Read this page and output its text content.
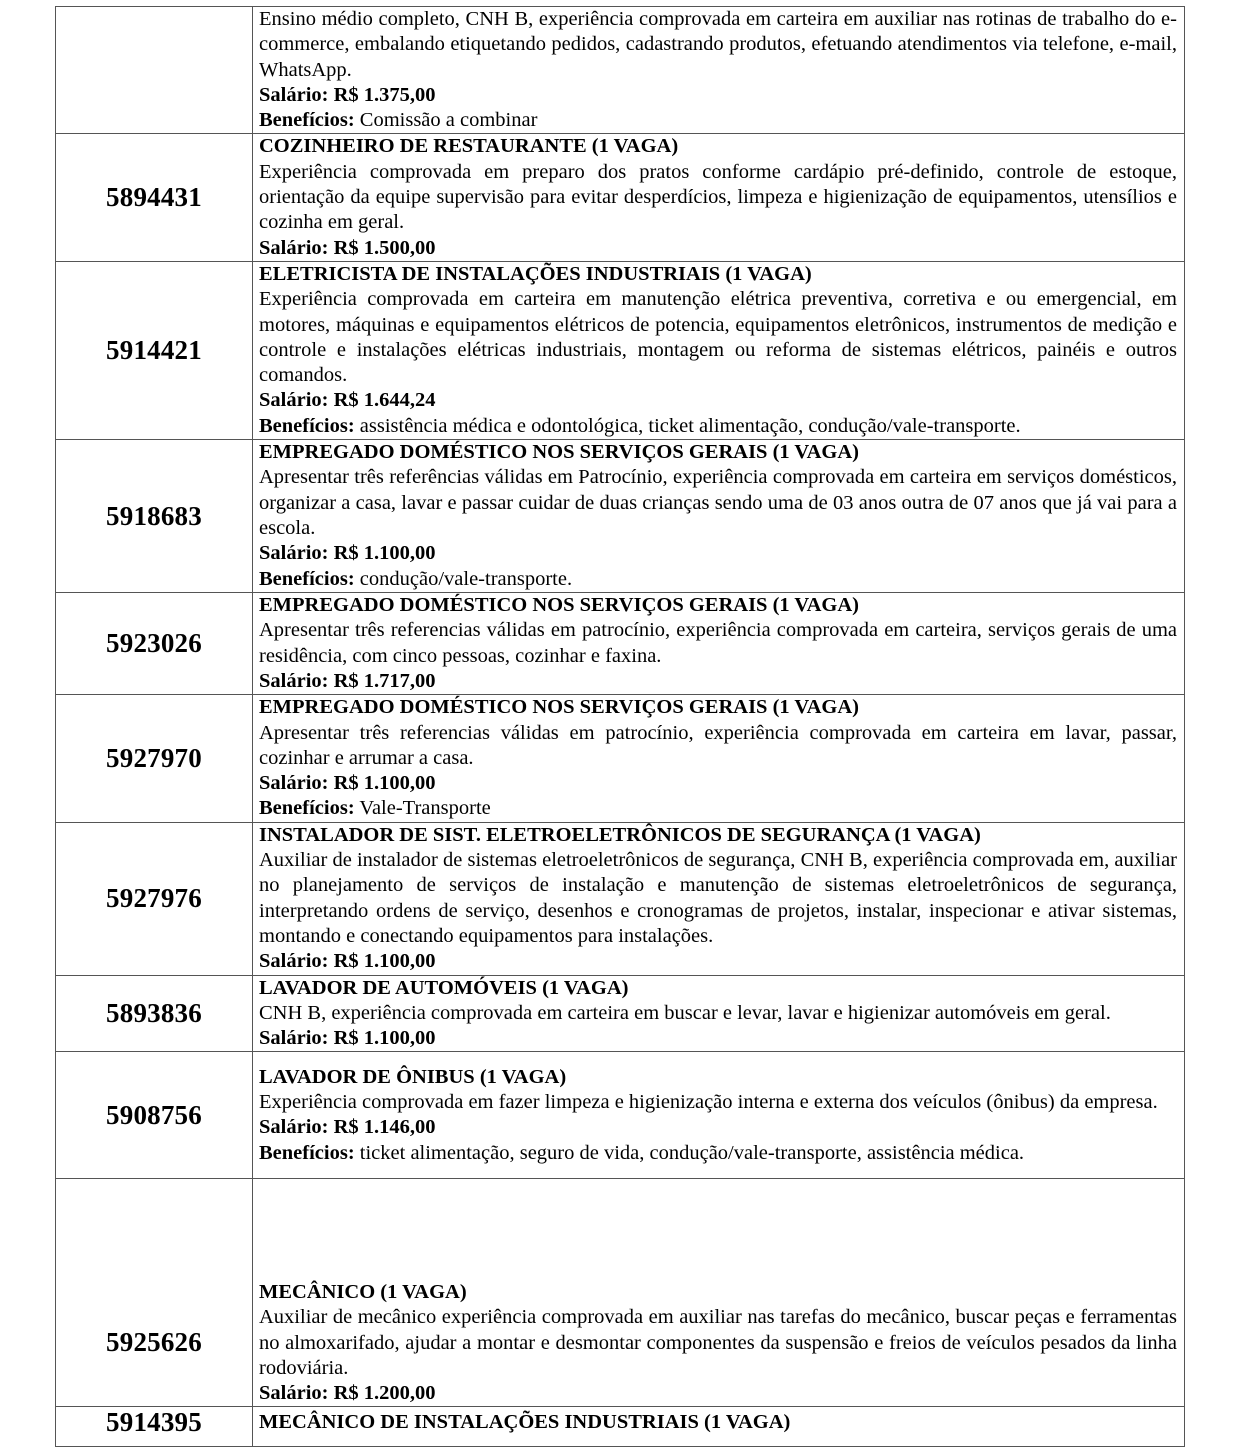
	Ensino médio completo, CNH B, experiência comprovada em carteira em auxiliar nas rotinas de trabalho do e-commerce, embalando etiquetando pedidos, cadastrando produtos, efetuando atendimentos via telefone, e-mail, WhatsApp.

Salário: R$ 1.375,00

Benefícios: Comissão a combinar

5894431	COZINHEIRO DE RESTAURANTE (1 VAGA)

Experiência comprovada em preparo dos pratos conforme cardápio pré-definido, controle de estoque, orientação da equipe supervisão para evitar desperdícios, limpeza e higienização de equipamentos, utensílios e cozinha em geral.

Salário: R$ 1.500,00

5914421	ELETRICISTA DE INSTALAÇÕES INDUSTRIAIS (1 VAGA)

Experiência comprovada em carteira em manutenção elétrica preventiva, corretiva e ou emergencial, em motores, máquinas e equipamentos elétricos de potencia, equipamentos eletrônicos, instrumentos de medição e controle e instalações elétricas industriais, montagem ou reforma de sistemas elétricos, painéis e outros comandos.

Salário: R$ 1.644,24

Benefícios: assistência médica e odontológica, ticket alimentação, condução/vale-transporte.

5918683	EMPREGADO DOMÉSTICO NOS SERVIÇOS GERAIS (1 VAGA)

Apresentar três referências válidas em Patrocínio, experiência comprovada em carteira em serviços domésticos, organizar a casa, lavar e passar cuidar de duas crianças sendo uma de 03 anos outra de 07 anos que já vai para a escola.

Salário: R$ 1.100,00

Benefícios: condução/vale-transporte.

5923026	EMPREGADO DOMÉSTICO NOS SERVIÇOS GERAIS (1 VAGA)

Apresentar três referencias válidas em patrocínio, experiência comprovada em carteira, serviços gerais de uma residência, com cinco pessoas, cozinhar e faxina.

Salário: R$ 1.717,00

5927970	EMPREGADO DOMÉSTICO NOS SERVIÇOS GERAIS (1 VAGA)

Apresentar três referencias válidas em patrocínio, experiência comprovada em carteira em lavar, passar, cozinhar e arrumar a casa.

Salário: R$ 1.100,00

Benefícios: Vale-Transporte

5927976	INSTALADOR DE SIST. ELETROELETRÔNICOS DE SEGURANÇA (1 VAGA)

Auxiliar de instalador de sistemas eletroeletrônicos de segurança, CNH B, experiência comprovada em, auxiliar no planejamento de serviços de instalação e manutenção de sistemas eletroeletrônicos de segurança, interpretando ordens de serviço, desenhos e cronogramas de projetos, instalar, inspecionar e ativar sistemas, montando e conectando equipamentos para instalações.

Salário: R$ 1.100,00

5893836	LAVADOR DE AUTOMÓVEIS (1 VAGA)

CNH B, experiência comprovada em carteira em buscar e levar, lavar e higienizar automóveis em geral.

Salário: R$ 1.100,00

5908756	LAVADOR DE ÔNIBUS (1 VAGA)

Experiência comprovada em fazer limpeza e higienização interna e externa dos veículos (ônibus) da empresa.

Salário: R$ 1.146,00

Benefícios: ticket alimentação, seguro de vida, condução/vale-transporte, assistência médica.

5925626	MECÂNICO (1 VAGA)

Auxiliar de mecânico experiência comprovada em auxiliar nas tarefas do mecânico, buscar peças e ferramentas no almoxarifado, ajudar a montar e desmontar componentes da suspensão e freios de veículos pesados da linha rodoviária.

Salário: R$ 1.200,00

5914395	MECÂNICO DE INSTALAÇÕES INDUSTRIAIS (1 VAGA)
